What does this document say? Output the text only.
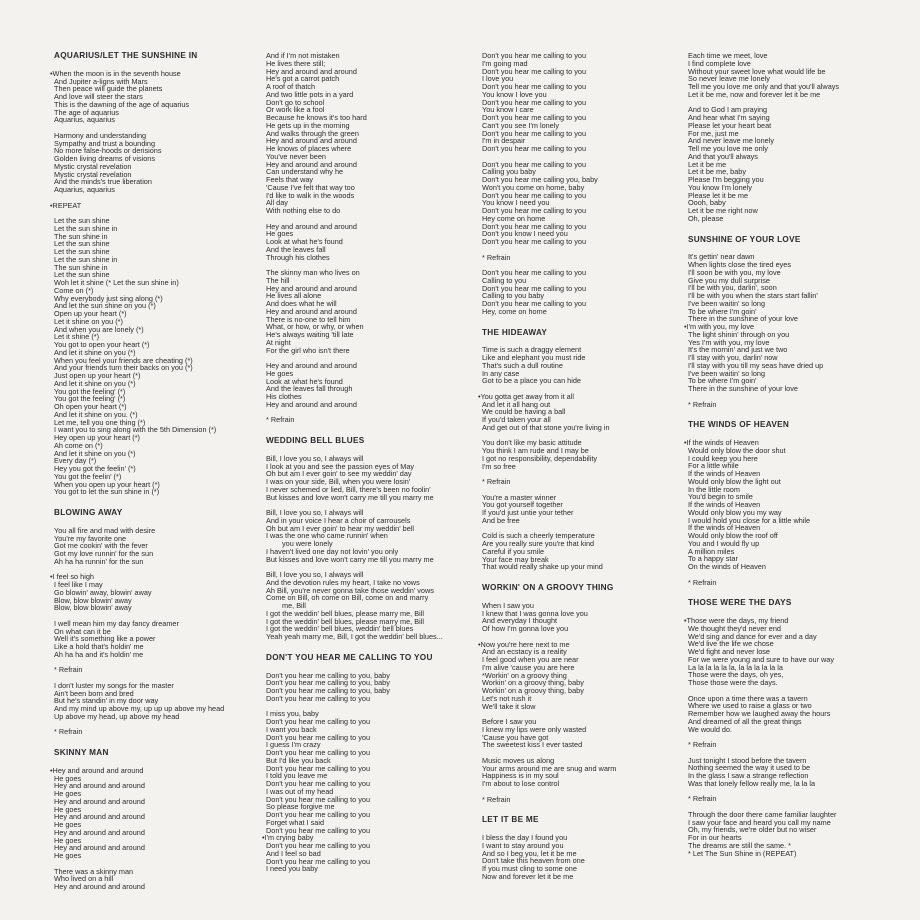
AQUARIUS/LET THE SUNSHINE IN
•When the moon is in the seventh house
And Jupiter a-ligns with Mars
Then peace will guide the planets
And love will steer the stars
This is the dawning of the age of aquarius
The age of aquarius
Aquarius, aquarius
Harmony and understanding
Sympathy and trust a bounding
No more false-hoods or derisions
Golden living dreams of visions
Mystic crystal revelation
Mystic crystal revelation
And the minds's true liberation
Aquarius, aquarius
•REPEAT
Let the sun shine
Let the sun shine in
The sun shine in
Let the sun shine
Let the sun shine
Let the sun shine in
The sun shine in
Let the sun shine
Woh let it shine (* Let the sun shine in)
Come on (*)
Why everybody just sing along (*)
And let the sun shine on you (*)
Open up your heart (*)
Let it shine on you (*)
And when you are lonely (*)
Let it shine (*)
You got to open your heart (*)
And let it shine on you (*)
When you feel your friends are cheating (*)
And your friends turn their backs on you (*)
Just open up your heart (*)
And let it shine on you (*)
You got the feeling' (*)
You got the feeling' (*)
Oh open your heart (*)
And let it shine on you. (*)
Let me, tell you one thing (*)
I want you to sing along with the 5th Dimension (*)
Hey open up your heart (*)
Ah come on (*)
And let it shine on you (*)
Every day (*)
Hey you got the feelin' (*)
You got the feelin' (*)
When you open up your heart (*)
You got to let the sun shine in (*)
BLOWING AWAY
You all fire and mad with desire
You're my favorite one
Got me cookin' with the fever
Got my love runnin' for the sun
Ah ha ha runnin' for the sun
•I feel so high
I feel like I may
Go blowin' away, blowin' away
Blow, blow blowin' away
Blow, blow blowin' away
I well mean him my day fancy dreamer
On what can it be
Well it's something like a power
Like a hold that's holdin' me
Ah ha ha and it's holdin' me
* Refrain
I don't luster my songs for the master
Ain't been born and bred
But he's standin' in my door way
And my mind up above my, up up up above my head
Up above my head, up above my head
* Refrain
SKINNY MAN
•Hey and around and around
He goes
Hey and around and around
He goes
Hey and around and around
He goes
Hey and around and around
He goes
Hey and around and around
He goes
Hey and around and around
He goes
There was a skinny man
Who lived on a hill
Hey and around and around
And if I'm not mistaken
He lives there still;
Hey and around and around
He's got a carrot patch
A roof of thatch
And two little pots in a yard
Don't go to school
Or work like a fool
Because he knows it's too hard
He gets up in the morning
And walks through the green
Hey and around and around
He knows of places where
You've never been
Hey and around and around
Can understand why he
Feels that way
'Cause I've felt that way too
I'd like to walk in the woods
All day
With nothing else to do
Hey and around and around
He goes
Look at what he's found
And the leaves fall
Through his clothes
The skinny man who lives on
The hill
Hey and around and around
He lives all alone
And does what he will
Hey and around and around
There is no-one to tell him
What, or how, or why, or when
He's always waiting 'till late
At night
For the girl who isn't there
Hey and around and around
He goes
Look at what he's found
And the leaves fall through
His clothes
Hey and around and around
* Refrain
WEDDING BELL BLUES
Bill, I love you so, I always will
I look at you and see the passion eyes of May
Oh but am I ever goin' to see my weddin' day
I was on your side, Bill, when you were losin'
I never schemed or lied, Bill, there's been no foolin'
But kisses and love won't carry me till you marry me
Bill, I love you so, I always will
And in your voice I hear a choir of carrousels
Oh but am I ever goin' to hear my weddin' bell
I was the one who came runnin' when
you were lonely
I haven't lived one day not lovin' you only
But kisses and love won't carry me till you marry me
Bill, I love you so, I always will
And the devotion rules my heart, I take no vows
Ah Bill, you're never gonna take those weddin' vows
Come on Bill, oh come on Bill, come on and marry
me, Bill
I got the weddin' bell blues, please marry me, Bill
I got the weddin' bell blues, please marry me, Bill
I got the weddin' bell blues, weddin' bell blues
Yeah yeah marry me, Bill, I got the weddin' bell blues...
DON'T YOU HEAR ME CALLING TO YOU
Don't you hear me calling to you, baby
Don't you hear me calling to you, baby
Don't you hear me calling to you, baby
Don't you hear me calling to you
I miss you, baby
Don't you hear me calling to you
I want you back
Don't you hear me calling to you
I guess I'm crazy
Don't you hear me calling to you
But I'd like you back
Don't you hear me calling to you
I told you leave me
Don't you hear me calling to you
I was out of my head
Don't you hear me calling to you
So please forgive me
Don't you hear me calling to you
Forget what I said
Don't you hear me calling to you
•I'm crying baby
Don't you hear me calling to you
And I feel so bad
Don't you hear me calling to you
I need you baby
Don't you hear me calling to you
I'm going mad
Don't you hear me calling to you
I love you
Don't you hear me calling to you
You know I love you
Don't you hear me calling to you
You know I care
Don't you hear me calling to you
Can't you see I'm lonely
Don't you hear me calling to you
I'm in despair
Don't you hear me calling to you
Don't you hear me calling to you
Calling you baby
Don't you hear me calling you, baby
Won't you come on home, baby
Don't you hear me calling to you
You know I need you
Don't you hear me calling to you
Hey come on home
Don't you hear me calling to you
Don't you know I need you
Don't you hear me calling to you
* Refrain
Don't you hear me calling to you
Calling to you
Don't you hear me calling to you
Calling to you baby
Don't you hear me calling to you
Hey, come on home
THE HIDEAWAY
Time is such a draggy element
Like and elephant you must ride
That's such a dull routine
In any case
Got to be a place you can hide
•You gotta get away from it all
And let it all hang out
We could be having a ball
If you'd taken your all
And get out of that stone you're living in
You don't like my basic attitude
You think I am rude and I may be
I got no responsibility, dependability
I'm so free
* Refrain
You're a master winner
You got yourself together
If you'd just untie your tether
And be free
Cold is such a cheerly temperature
Are you really sure you're that kind
Careful if you smile
Your face may break
That would really shake up your mind
WORKIN' ON A GROOVY THING
When I saw you
I knew that I was gonna love you
And everyday I thought
Of how I'm gonna love you
•Now you're here next to me
And an ecstacy is a reality
I feel good when you are near
I'm alive 'cause you are here
*Workin' on a groovy thing
Workin' on a groovy thing, baby
Workin' on a groovy thing, baby
Let's not rush it
We'll take it slow
Before I saw you
I knew my lips were only wasted
'Cause you have got
The sweetest kiss I ever tasted
Music moves us along
Your arms around me are snug and warm
Happiness is in my soul
I'm about to lose control
* Refrain
LET IT BE ME
I bless the day I found you
I want to stay around you
And so I beg you, let it be me
Don't take this heaven from one
If you must cling to some one
Now and forever let it be me
Each time we meet, love
I find complete love
Without your sweet love what would life be
So never leave me lonely
Tell me you love me only and that you'll always
Let it be me, now and forever let it be me
And to God I am praying
And hear what I'm saying
Please let your heart beat
For me, just me
And never leave me lonely
Tell me you love me only
And that you'll always
Let it be me
Let it be me, baby
Please I'm begging you
You know I'm lonely
Please let it be me
Oooh, baby
Let it be me right now
Oh, please
SUNSHINE OF YOUR LOVE
It's gettin' near dawn
When lights close the tired eyes
I'll soon be with you, my love
Give you my dull surprise
I'll be with you, darlin', soon
I'll be with you when the stars start fallin'
I've been waitin' so long
To be where I'm goin'
There in the sunshine of your love
•I'm with you, my love
The light shinin' through on you
Yes I'm with you, my love
It's the mornin' and just we two
I'll stay with you, darlin' now
I'll stay with you till my seas have dried up
I've been waitin' so long
To be where I'm goin'
There in the sunshine of your love
* Refrain
THE WINDS OF HEAVEN
•If the winds of Heaven
Would only blow the door shut
I could keep you here
For a little while
If the winds of Heaven
Would only blow the light out
In the little room
You'd begin to smile
If the winds of Heaven
Would only blow you my way
I would hold you close for a little while
If the winds of Heaven
Would only blow the roof off
You and I would fly up
A million miles
To a happy star
On the winds of Heaven
* Refrain
THOSE WERE THE DAYS
•Those were the days, my friend
We thought they'd never end
We'd sing and dance for ever and a day
We'd live the life we chose
We'd fight and never lose
For we were young and sure to have our way
La la la la la la, la la la la la la
Those were the days, oh yes,
Those those were the days.
Once upon a time there was a tavern
Where we used to raise a glass or two
Remember how we laughed away the hours
And dreamed of all the great things
We would do.
* Refrain
Just tonight I stood before the tavern
Nothing seemed the way it used to be
In the glass I saw a strange reflection
Was that lonely fellow really me, la la la
* Refrain
Through the door there came familiar laughter
I saw your face and heard you call my name
Oh, my friends, we're older but no wiser
For in our hearts
The dreams are still the same. *
* Let The Sun Shine in (REPEAT)
